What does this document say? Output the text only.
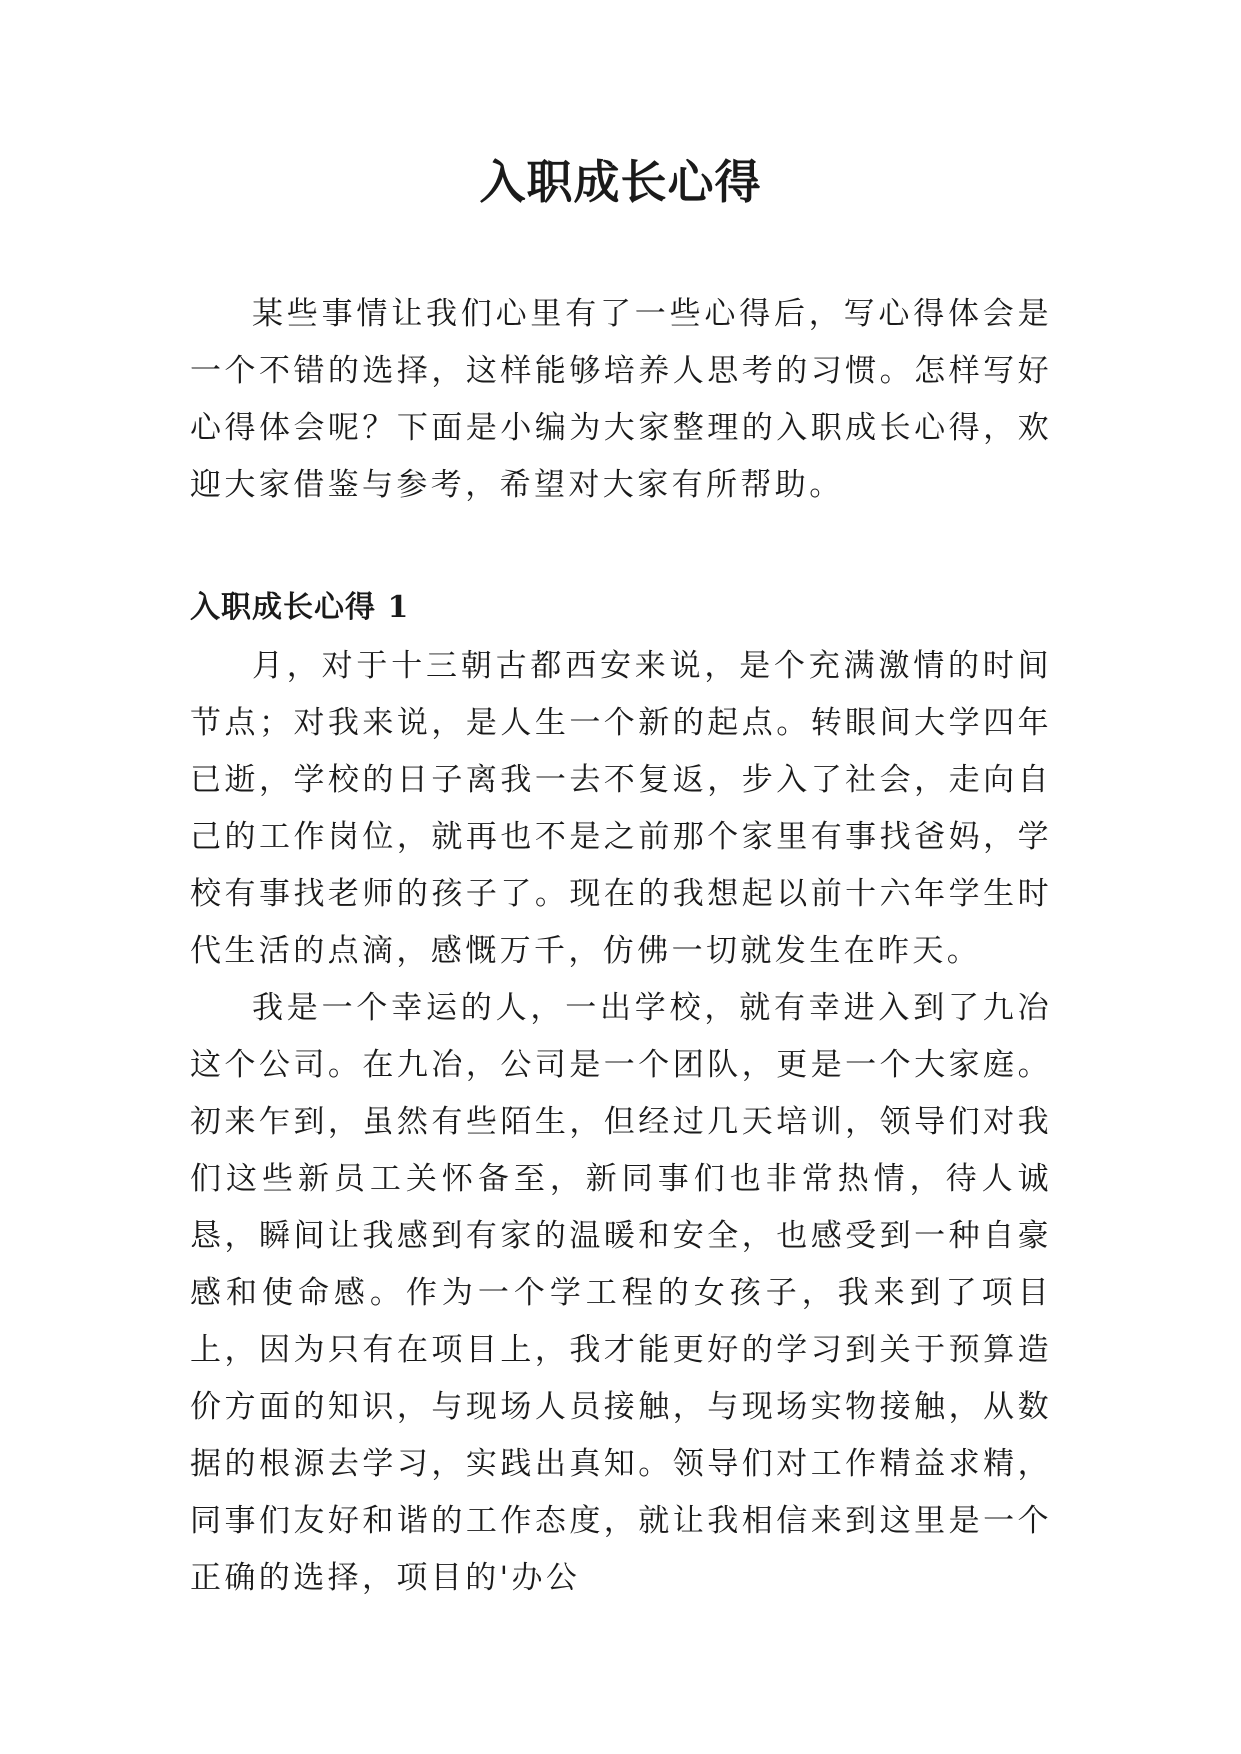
入职成长心得

某些事情让我们心里有了一些心得后，写心得体会是一个不错的选择，这样能够培养人思考的习惯。怎样写好心得体会呢？下面是小编为大家整理的入职成长心得，欢迎大家借鉴与参考，希望对大家有所帮助。

入职成长心得 1

月，对于十三朝古都西安来说，是个充满激情的时间节点；对我来说，是人生一个新的起点。转眼间大学四年已逝，学校的日子离我一去不复返，步入了社会，走向自己的工作岗位，就再也不是之前那个家里有事找爸妈，学校有事找老师的孩子了。现在的我想起以前十六年学生时代生活的点滴，感慨万千，仿佛一切就发生在昨天。

我是一个幸运的人，一出学校，就有幸进入到了九冶这个公司。在九冶，公司是一个团队，更是一个大家庭。初来乍到，虽然有些陌生，但经过几天培训，领导们对我们这些新员工关怀备至，新同事们也非常热情，待人诚恳，瞬间让我感到有家的温暖和安全，也感受到一种自豪感和使命感。作为一个学工程的女孩子，我来到了项目上，因为只有在项目上，我才能更好的学习到关于预算造价方面的知识，与现场人员接触，与现场实物接触，从数据的根源去学习，实践出真知。领导们对工作精益求精，同事们友好和谐的工作态度，就让我相信来到这里是一个正确的选择，项目的'办公
